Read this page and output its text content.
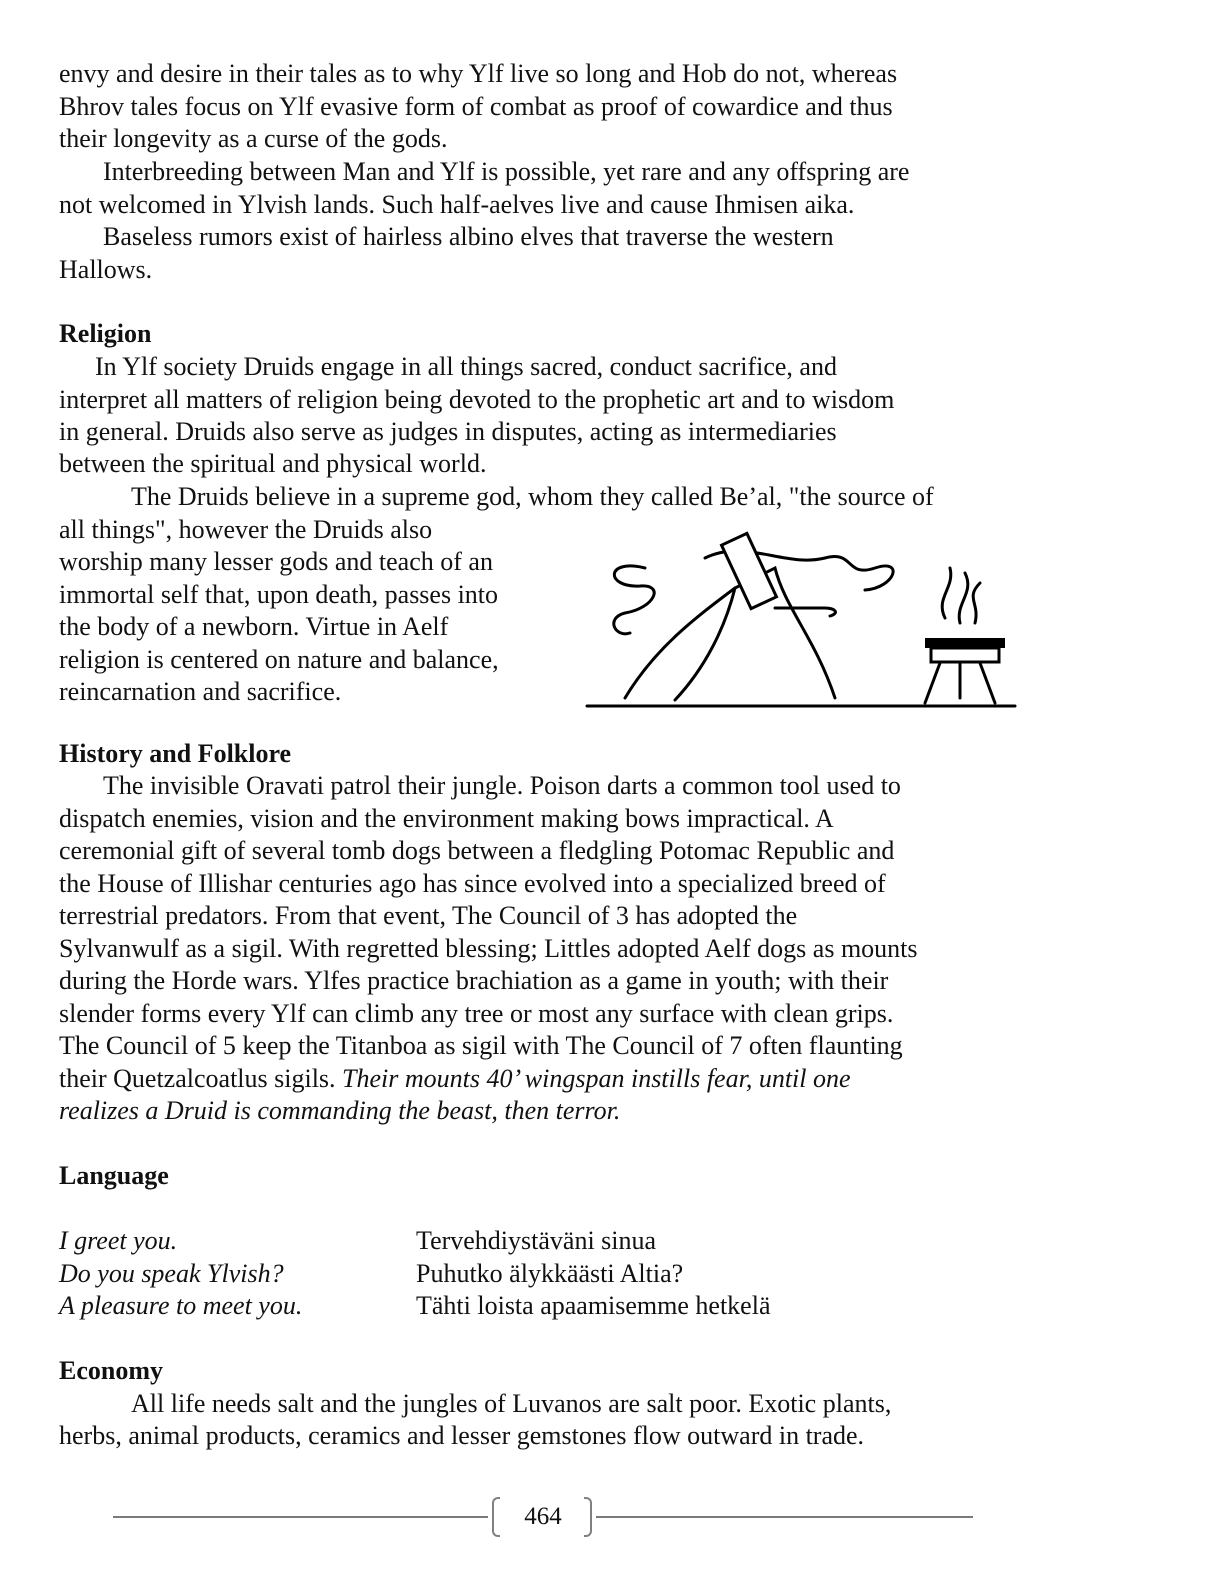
envy and desire in their tales as to why Ylf live so long and Hob do not, whereas
Bhrov tales focus on Ylf evasive form of combat as proof of cowardice and thus
their longevity as a curse of the gods.
Interbreeding between Man and Ylf is possible, yet rare and any offspring are
not welcomed in Ylvish lands. Such half-aelves live and cause Ihmisen aika.
Baseless rumors exist of hairless albino elves that traverse the western
Hallows.
Religion
In Ylf society Druids engage in all things sacred, conduct sacrifice, and
interpret all matters of religion being devoted to the prophetic art and to wisdom
in general. Druids also serve as judges in disputes, acting as intermediaries
between the spiritual and physical world.
The Druids believe in a supreme god, whom they called Be’al, "the source of
all things", however the Druids also
worship many lesser gods and teach of an
immortal self that, upon death, passes into
the body of a newborn. Virtue in Aelf
religion is centered on nature and balance,
reincarnation and sacrifice.
History and Folklore
The invisible Oravati patrol their jungle. Poison darts a common tool used to
dispatch enemies, vision and the environment making bows impractical. A
ceremonial gift of several tomb dogs between a fledgling Potomac Republic and
the House of Illishar centuries ago has since evolved into a specialized breed of
terrestrial predators. From that event, The Council of 3 has adopted the
Sylvanwulf as a sigil. With regretted blessing; Littles adopted Aelf dogs as mounts
during the Horde wars. Ylfes practice brachiation as a game in youth; with their
slender forms every Ylf can climb any tree or most any surface with clean grips.
The Council of 5 keep the Titanboa as sigil with The Council of 7 often flaunting
their Quetzalcoatlus sigils. Their mounts 40’ wingspan instills fear, until one
realizes a Druid is commanding the beast, then terror.
Language
I greet you.	Tervehdiystäväni sinua
Do you speak Ylvish?	Puhutko älykkäästi Altia?
A pleasure to meet you.	Tähti loista apaamisemme hetkelä
Economy
All life needs salt and the jungles of Luvanos are salt poor. Exotic plants,
herbs, animal products, ceramics and lesser gemstones flow outward in trade.
464
